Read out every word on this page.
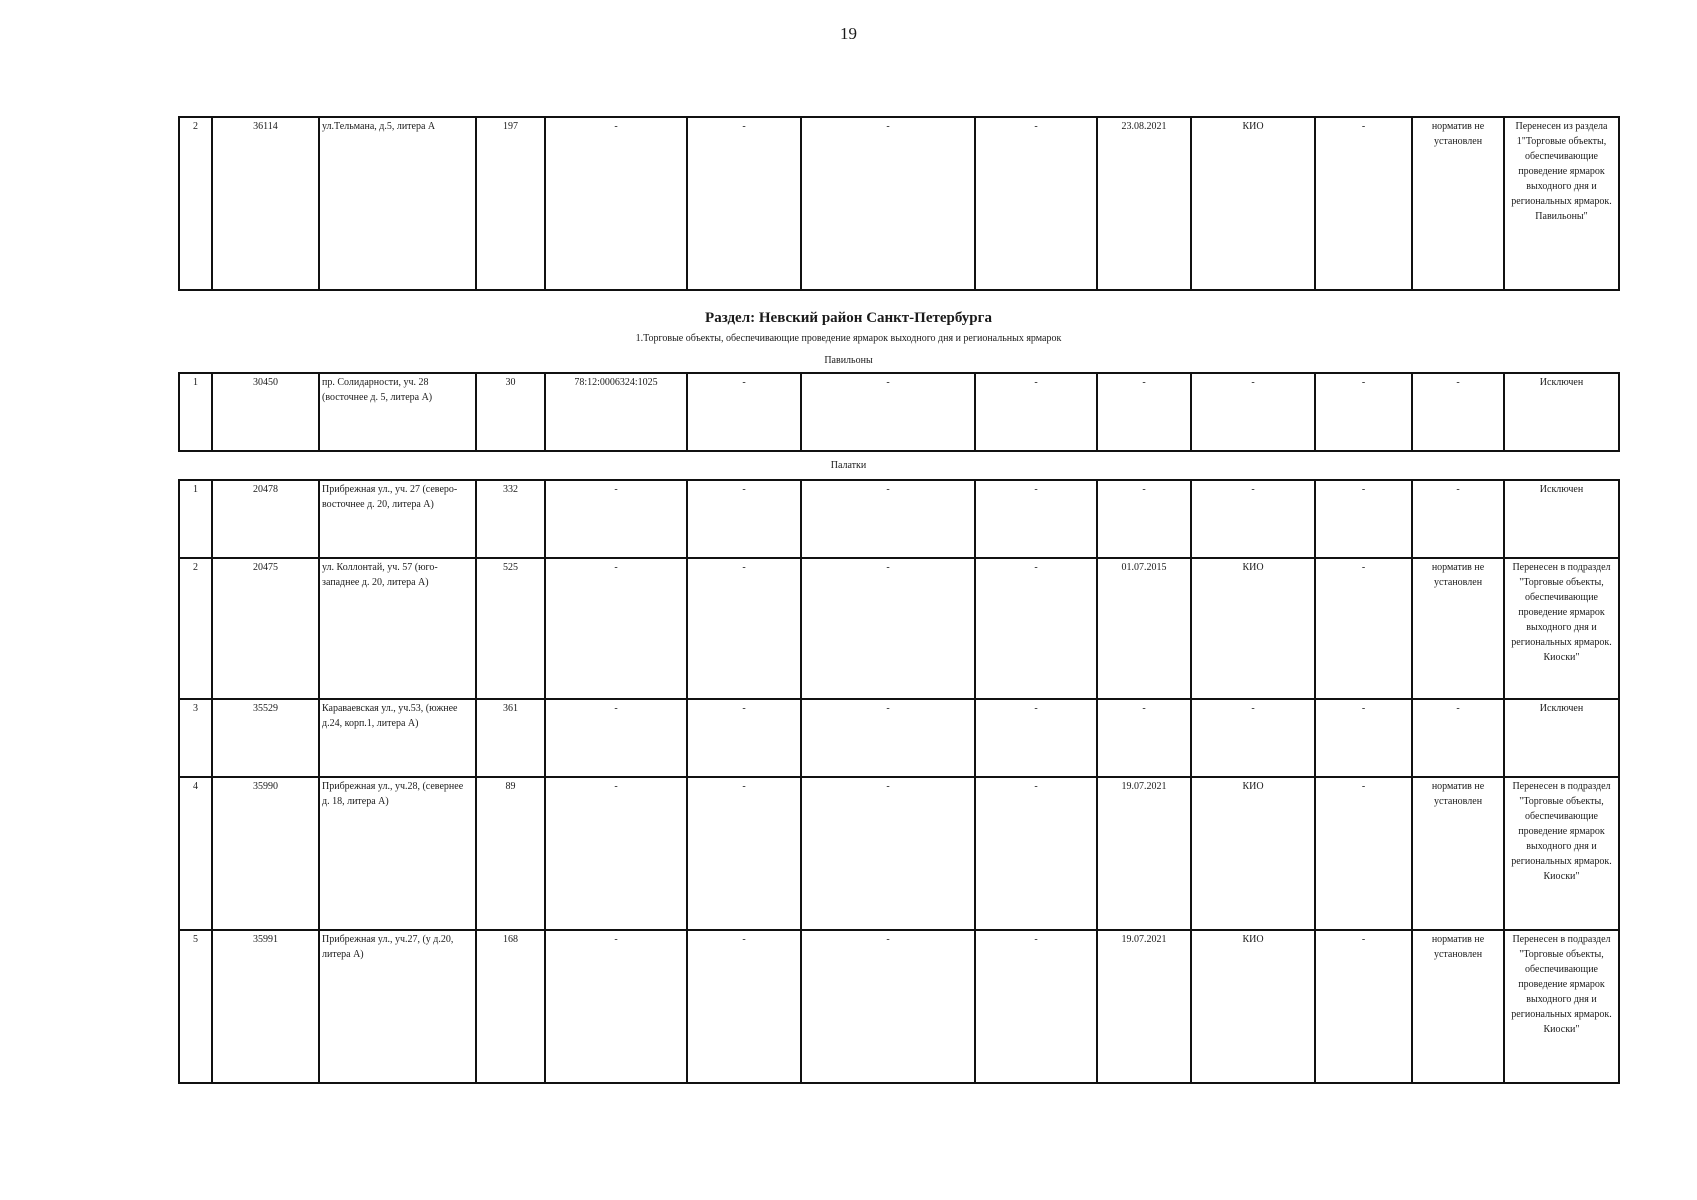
19
2	36114	ул.Тельмана, д.5, литера А	197	-	-	-	-	23.08.2021	КИО	-	норматив не установлен	Перенесен из раздела 1"Торговые объекты, обеспечивающие проведение ярмарок выходного дня и региональных ярмарок. Павильоны"
Раздел: Невский район Санкт-Петербурга
1.Торговые объекты, обеспечивающие проведение ярмарок выходного дня и региональных ярмарок
Павильоны
1	30450	пр. Солидарности, уч. 28 (восточнее д. 5, литера А)	30	78:12:0006324:1025	-	-	-	-	-	-	-	Исключен
Палатки
1	20478	Прибрежная ул., уч. 27 (северо-восточнее д. 20, литера А)	332	-	-	-	-	-	-	-	-	Исключен
2	20475	ул. Коллонтай, уч. 57 (юго-западнее д. 20, литера А)	525	-	-	-	-	01.07.2015	КИО	-	норматив не установлен	Перенесен в подраздел "Торговые объекты, обеспечивающие проведение ярмарок выходного дня и региональных ярмарок. Киоски"
3	35529	Караваевская ул., уч.53, (южнее д.24, корп.1, литера А)	361	-	-	-	-	-	-	-	-	Исключен
4	35990	Прибрежная ул., уч.28, (севернее д. 18, литера А)	89	-	-	-	-	19.07.2021	КИО	-	норматив не установлен	Перенесен в подраздел "Торговые объекты, обеспечивающие проведение ярмарок выходного дня и региональных ярмарок. Киоски"
5	35991	Прибрежная ул., уч.27, (у д.20, литера А)	168	-	-	-	-	19.07.2021	КИО	-	норматив не установлен	Перенесен в подраздел "Торговые объекты, обеспечивающие проведение ярмарок выходного дня и региональных ярмарок. Киоски"
